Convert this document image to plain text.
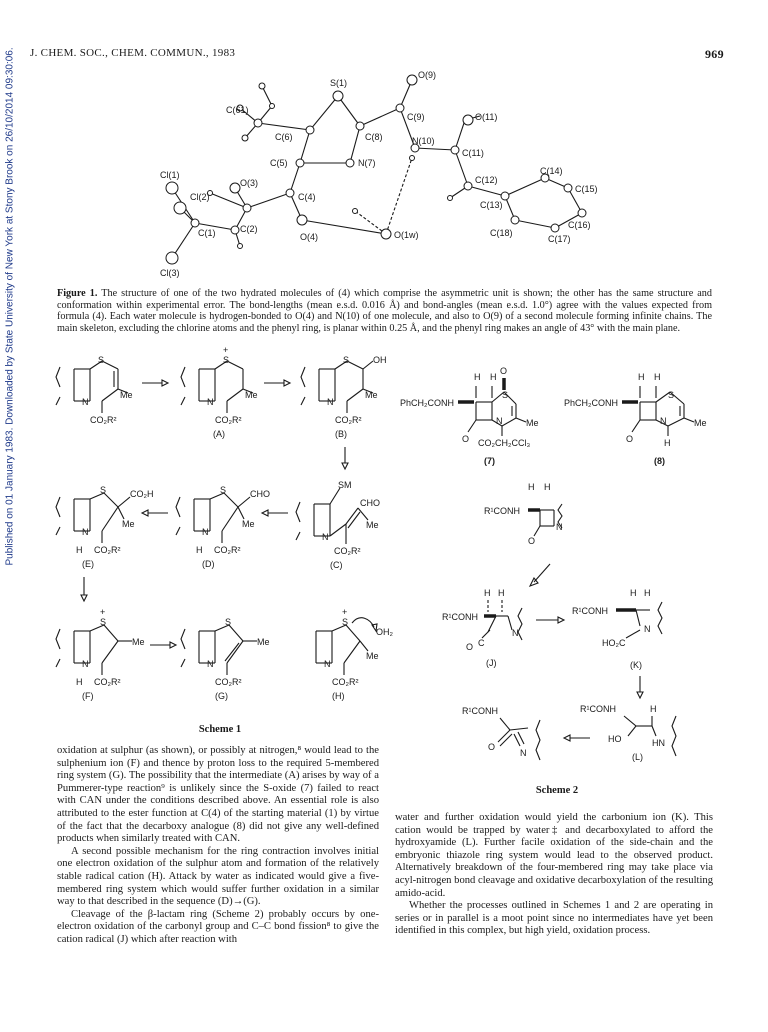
J. CHEM. SOC., CHEM. COMMUN., 1983	969
Published on 01 January 1983. Downloaded by State University of New York at Stony Brook on 26/10/2014 09:30:06.	O(9)
S(1)
C(61)
C(6)
C(9)	O(11)
C(8)	N(10)
C(5)	N(7)
C(11)
Cl(1)
O(3)
C(4)
C(14)
C(12)
C(15)
Cl(2)
C(13)
C(2)
C(1)
C(16)
O(4)	O(1w)	C(18)
C(17)
Cl(3)
Figure 1. The structure of one of the two hydrated molecules of (4) which comprise the asymmetric unit is shown; the other has the same structure and conformation within experimental error. The bond-lengths (mean e.s.d. 0.016 Å) and bond-angles (mean e.s.d. 1.0°) agree with the values expected from formula (4). Each water molecule is hydrogen-bonded to O(4) and N(10) of one molecule, and also to O(9) of a second molecule forming infinite chains. The main skeleton, excluding the chlorine atoms and the phenyl ring, is planar within 0.25 Å, and the phenyl ring makes an angle of 43° with the main plane.
S
N
Me
CO₂R²
+
S
N
Me
CO₂R²
(A)
S	OH
N
Me
CO₂R²
(B)
S	CO₂H
N
Me
H CO₂R²
(E)
S	CHO
N
Me
H CO₂R²
(D)
SM
CHO
N
Me
CO₂R²
(C)
+
S
N
Me
H CO₂R²
(F)
S
N
Me
CO₂R²
(G)
+
S
OH₂
N
Me
CO₂R²
(H)
Scheme 1
PhCH₂CONH
H H
O
O
S
N	Me
CO₂CH₂CCl₃
(7)
PhCH₂CONH
H H
O
S
N	Me
H
(8)
H H
R¹CONH
O
N
H H
R¹CONH
N
C
O
(J)
H H
R¹CONH
N
HO₂C
(K)
R¹CONH	H
HO	HN
(L)
R¹CONH
O
N
Scheme 2

oxidation at sulphur (as shown), or possibly at nitrogen,⁸ would lead to the sulphenium ion (F) and thence by proton loss to the required 5-membered ring system (G). The possibility that the intermediate (A) arises by way of a Pummerer-type reaction⁹ is unlikely since the S-oxide (7) failed to react with CAN under the conditions described above. An essential role is also attributed to the ester function at C(4) of the starting material (1) by virtue of the fact that the decarboxy analogue (8) did not give any well-defined products when similarly treated with CAN.

A second possible mechanism for the ring contraction involves initial one electron oxidation of the sulphur atom and formation of the relatively stable radical cation (H). Attack by water as indicated would give a five-membered ring system which would suffer further oxidation in a similar way to that described in the sequence (D)→(G).

Cleavage of the β-lactam ring (Scheme 2) probably occurs by one-electron oxidation of the carbonyl group and C–C bond fission⁸ to give the cation radical (J) which after reaction with

water and further oxidation would yield the carbonium ion (K). This cation would be trapped by water‡ and decarboxylated to afford the hydroxyamide (L). Further facile oxidation of the side-chain and the embryonic thiazole ring system would lead to the observed product. Alternatively breakdown of the four-membered ring may take place via acyl-nitrogen bond cleavage and oxidative decarboxylation of the resulting amido-acid.

Whether the processes outlined in Schemes 1 and 2 are operating in series or in parallel is a moot point since no intermediates have yet been identified in this complex, but high yield, oxidation process.
